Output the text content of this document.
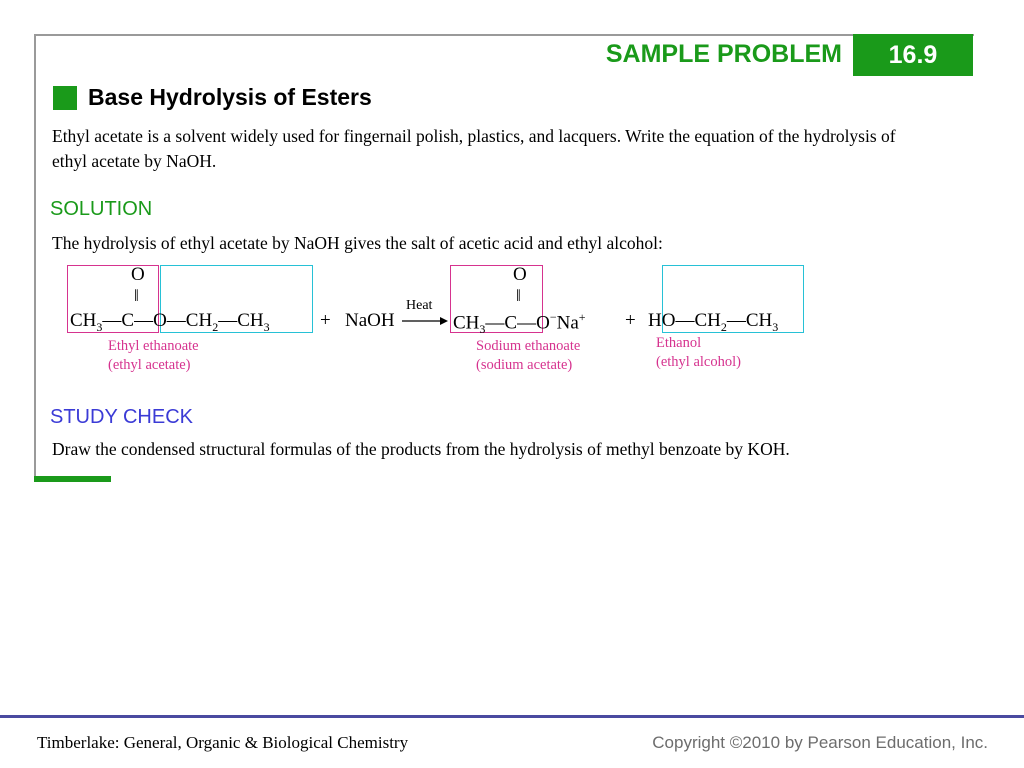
SAMPLE PROBLEM	16.9
Base Hydrolysis of Esters
Ethyl acetate is a solvent widely used for fingernail polish, plastics, and lacquers. Write the equation of the hydrolysis of ethyl acetate by NaOH.
SOLUTION
The hydrolysis of ethyl acetate by NaOH gives the salt of acetic acid and ethyl alcohol:
O
‖
O
‖
$CH_3—C—O—CH_2—CH_3$	+ NaOH
Heat
→ $CH_3—C—O^-Na^+$ + $HO—CH_2—CH_3$
Ethyl ethanoate
(ethyl acetate)
Sodium ethanoate
(sodium acetate)
Ethanol
(ethyl alcohol)
STUDY CHECK
Draw the condensed structural formulas of the products from the hydrolysis of methyl benzoate by KOH.
Timberlake: General, Organic & Biological Chemistry	Copyright ©2010 by Pearson Education, Inc.
